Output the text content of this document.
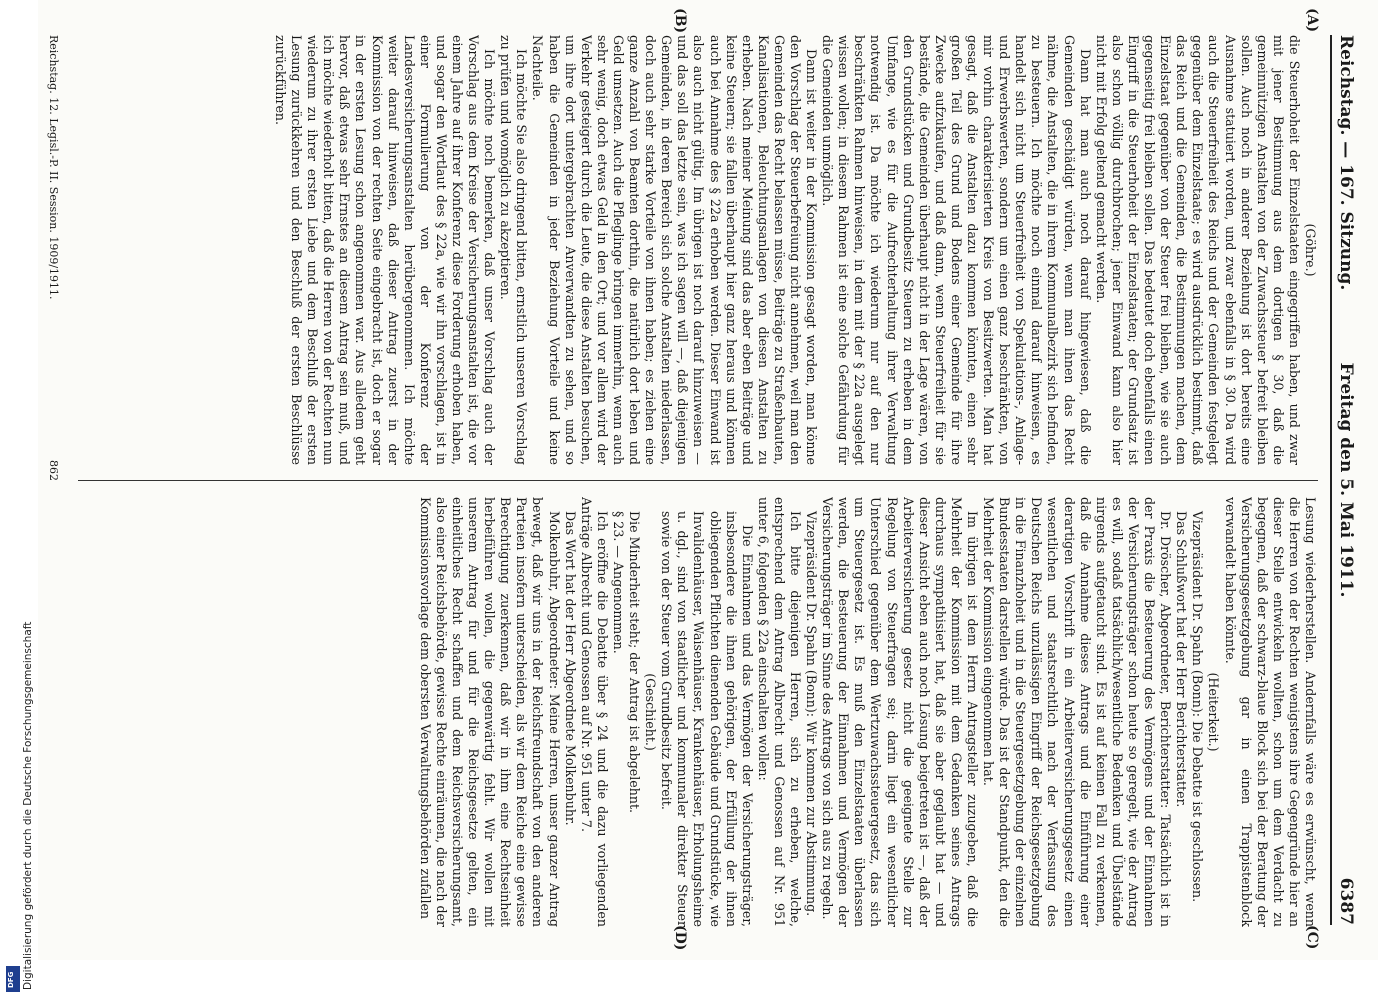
DFG Digitalisierung gefördert durch die Deutsche Forschungsgemeinschaft
Reichstag. — 167. Sitzung.
Freitag den 5. Mai 1911.
6387
(A)
(B)
(C)
(D)

(Göhre.)

die Steuerhoheit der Einzelstaaten eingegriffen haben, und zwar mit jener Bestimmung aus dem dortigen § 30, daß die gemeinnützigen Anstalten von der Zuwachssteuer befreit bleiben sollen. Auch noch in anderer Beziehung ist dort bereits eine Ausnahme statuiert worden, und zwar ebenfalls in § 30. Da wird auch die Steuerfreiheit des Reichs und der Gemeinden festgelegt gegenüber dem Einzelstaate; es wird ausdrücklich bestimmt, daß das Reich und die Gemeinden, die Bestimmungen machen, dem Einzelstaat gegenüber von der Steuer frei bleiben, wie sie auch gegenseitig frei bleiben sollen. Das bedeutet doch ebenfalls einen Eingriff in die Steuerhoheit der Einzelstaaten; der Grundsatz ist also schon völlig durchbrochen; jener Einwand kann also hier nicht mit Erfolg geltend gemacht werden.

Dann hat man auch noch darauf hingewiesen, daß die Gemeinden geschädigt würden, wenn man ihnen das Recht nähme, die Anstalten, die in ihrem Kommunalbezirk sich befinden, zu besteuern. Ich möchte noch einmal darauf hinweisen, es handelt sich nicht um Steuerfreiheit von Spekulations-, Anlage- und Erwerbswerten, sondern um einen ganz beschränkten, von mir vorhin charakterisierten Kreis von Besitzwerten. Man hat gesagt, daß die Anstalten dazu kommen könnten, einen sehr großen Teil des Grund und Bodens einer Gemeinde für ihre Zwecke aufzukaufen, und daß dann, wenn Steuerfreiheit für sie bestände, die Gemeinden überhaupt nicht in der Lage wären, von den Grundstücken und Grundbesitz Steuern zu erheben in dem Umfange, wie es für die Aufrechterhaltung ihrer Verwaltung notwendig ist. Da möchte ich wiederum nur auf den nur beschränkten Rahmen hinweisen, in dem mit der § 22a ausgelegt wissen wollen; in diesem Rahmen ist eine solche Gefährdung für die Gemeinden unmöglich.

Dann ist weiter in der Kommission gesagt worden, man könne den Vorschlag der Steuerbefreiung nicht annehmen, weil man den Gemeinden das Recht belassen müsse, Beiträge zu Straßenbauten, Kanalisationen, Beleuchtungsanlagen von diesen Anstalten zu erheben. Nach meiner Meinung sind das aber eben Beiträge und keine Steuern; sie fallen überhaupt hier ganz heraus und können auch bei Annahme des § 22a erhoben werden. Dieser Einwand ist also auch nicht gültig. Im übrigen ist noch darauf hinzuweisen — und das soll das letzte sein, was ich sagen will —, daß diejenigen Gemeinden, in deren Bereich sich solche Anstalten niederlassen, doch auch sehr starke Vorteile von ihnen haben; es ziehen eine ganze Anzahl von Beamten dorthin, die natürlich dort leben und Geld umsetzen. Auch die Pfleglinge bringen immerhin, wenn auch sehr wenig, doch etwas Geld in den Ort; und vor allem wird der Verkehr gesteigert durch die Leute, die diese Anstalten besuchen, um ihre dort untergebrachten Anverwandten zu sehen, und so haben die Gemeinden in jeder Beziehung Vorteile und keine Nachteile.

Ich möchte Sie also dringend bitten, ernstlich unseren Vorschlag zu prüfen und womöglich zu akzeptieren.

Ich möchte noch bemerken, daß unser Vorschlag auch der Vorschlag aus dem Kreise der Versicherungsanstalten ist, die vor einem Jahre auf ihrer Konferenz diese Forderung erhoben haben, und sogar den Wortlaut des § 22a, wie wir ihn vorschlagen, ist in einer Formulierung von der Konferenz der Landesversicherungsanstalten herübergenommen. Ich möchte weiter darauf hinweisen, daß dieser Antrag zuerst in der Kommission von der rechten Seite eingebracht ist, doch er sogar in der ersten Lesung schon angenommen war. Aus alledem geht hervor, daß etwas sehr Ernstes an diesem Antrag sein muß, und ich möchte wiederholt bitten, daß die Herren von der Rechten nun wiederum zu ihrer ersten Liebe und dem Beschluß der ersten Lesung zurückkehren und den Beschluß der ersten Beschlüsse zurückführen.

Lesung wiederherstellen. Andernfalls wäre es erwünscht, wenn die Herren von der Rechten wenigstens ihre Gegengründe hier an dieser Stelle entwickeln wollten, schon um dem Verdacht zu begegnen, daß der schwarz-blaue Block sich bei der Beratung der Versicherungsgesetzgebung gar in einen Trappistenblock verwandelt haben könnte.

(Heiterkeit.)

Vizepräsident Dr. Spahn (Bonn): Die Debatte ist geschlossen.

Das Schlußwort hat der Herr Berichterstatter.

Dr. Dröscher, Abgeordneter, Berichterstatter: Tatsächlich ist in der Praxis die Besteuerung des Vermögens und der Einnahmen der Versicherungsträger schon heute so geregelt, wie der Antrag es will, sodaß tatsächlich/wesentliche Bedenken und Übelstände nirgends aufgetaucht sind. Es ist auf keinen Fall zu verkennen, daß die Annahme dieses Antrags und die Einführung einer derartigen Vorschrift in ein Arbeiterversicherungsgesetz einen wesentlichen und staatsrechtlich nach der Verfassung des Deutschen Reichs unzulässigen Eingriff der Reichsgesetzgebung in die Finanzhoheit und in die Steuergesetzgebung der einzelnen Bundesstaaten darstellen würde. Das ist der Standpunkt, den die Mehrheit der Kommission eingenommen hat.

Im übrigen ist dem Herrn Antragsteller zuzugeben, daß die Mehrheit der Kommission mit dem Gedanken seines Antrags durchaus sympathisiert hat, daß sie aber geglaubt hat — und dieser Ansicht eben auch noch Lösung beigetreten ist —, daß der Arbeiterversicherung gesetz nicht die geeignete Stelle zur Regelung von Steuerfragen sei; darin liegt ein wesentlicher Unterschied gegenüber dem Wertzuwachssteuergesetz, das sich um Steuergesetz ist. Es muß den Einzelstaaten überlassen werden, die Besteuerung der Einnahmen und Vermögen der Versicherungsträger im Sinne des Antrags von sich aus zu regeln.

Vizepräsident Dr. Spahn (Bonn): Wir kommen zur Abstimmung.

Ich bitte diejenigen Herren, sich zu erheben, welche, entsprechend dem Antrag Albrecht und Genossen auf Nr. 951 unter 6, folgenden § 22a einschalten wollen:

Die Einnahmen und das Vermögen der Versicherungsträger, insbesondere die ihnen gehörigen, der Erfüllung der ihnen obliegenden Pflichten dienenden Gebäude und Grundstücke, wie Invalidenhäuser, Waisenhäuser, Krankenhäuser, Erholungsheime u. dgl., sind von staatlicher und kommunaler direkter Steuer sowie von der Steuer vom Grundbesitz befreit.

(Geschieht.)

Die Minderheit steht; der Antrag ist abgelehnt.

§ 23. — Angenommen.

Ich eröffne die Debatte über § 24 und die dazu vorliegenden Anträge Albrecht und Genossen auf Nr. 951 unter 7.

Das Wort hat der Herr Abgeordnete Molkenbuhr.

Molkenbuhr, Abgeordneter: Meine Herren, unser ganzer Antrag bewegt, daß wir uns in der Reichsfreundschaft von den anderen Parteien insofern unterscheiden, als wir dem Reiche eine gewisse Berechtigung zuerkennen, daß wir in ihm eine Rechtseinheit herbeiführen wollen, die gegenwärtig fehlt. Wir wollen mit unserem Antrag für und für die Reichsgesetze gelten, ein einheitliches Recht schaffen und dem Reichsversicherungsamt, also einer Reichsbehörde, gewisse Rechte einräumen, die nach der Kommissionsvorlage dem obersten Verwaltungsbehörden zufallen

Reichstag. 12. Legisl.-P. II. Session. 1909/1911.
862
